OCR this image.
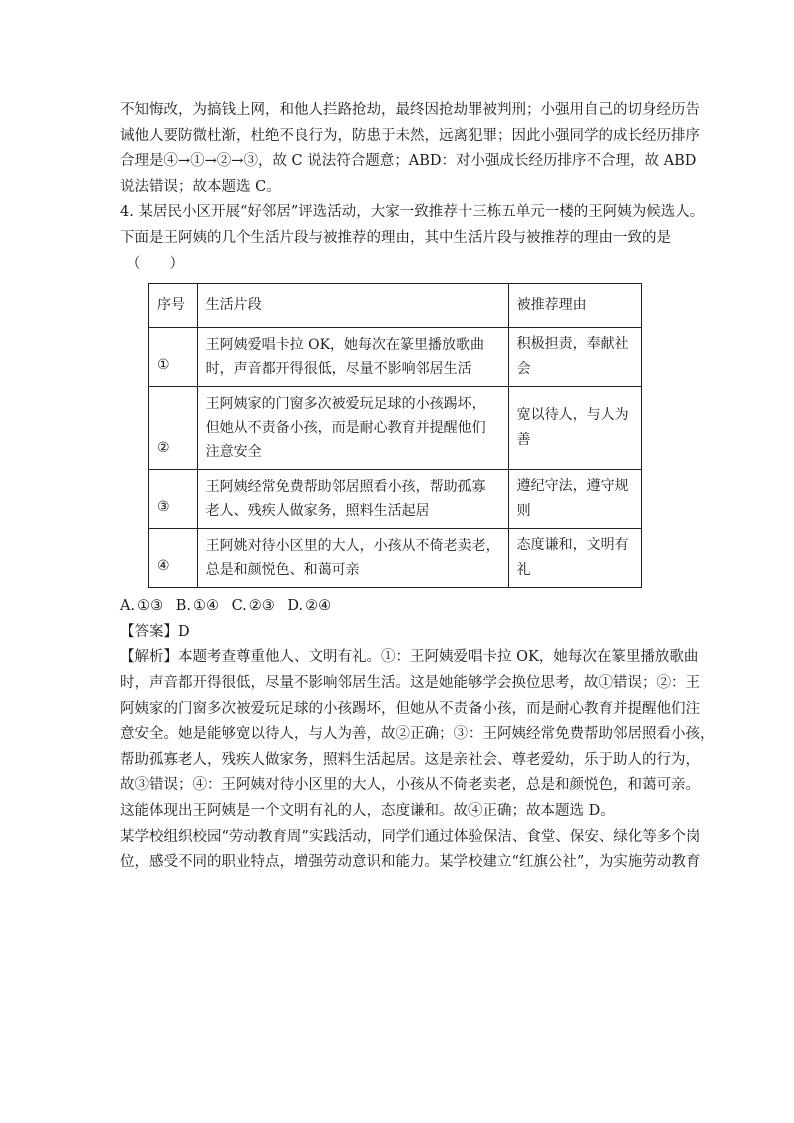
不知悔改，为搞钱上网，和他人拦路抢劫，最终因抢劫罪被判刑；小强用自己的切身经历告
诫他人要防微杜渐，杜绝不良行为，防患于未然，远离犯罪；因此小强同学的成长经历排序
合理是④→①→②→③，故 C 说法符合题意；ABD：对小强成长经历排序不合理，故 ABD
说法错误；故本题选 C。
4. 某居民小区开展“好邻居”评选活动，大家一致推荐十三栋五单元一楼的王阿姨为候选人。
下面是王阿姨的几个生活片段与被推荐的理由，其中生活片段与被推荐的理由一致的是
（　　）
序号	生活片段	被推荐理由
①	王阿姨爱唱卡拉 OK，她每次在篆里播放歌曲
时，声音都开得很低，尽量不影响邻居生活	积极担责，奉献社会
②	王阿姨家的门窗多次被爱玩足球的小孩踢坏，
但她从不责备小孩，而是耐心教育并提醒他们
注意安全	宽以待人，与人为善
③	王阿姨经常免费帮助邻居照看小孩，帮助孤寡
老人、残疾人做家务，照料生活起居	遵纪守法，遵守规则
④	王阿姚对待小区里的大人，小孩从不倚老卖老，
总是和颜悦色、和蔼可亲	态度谦和，文明有礼
A. ①③ B. ①④ C. ②③ D. ②④
【答案】D
【解析】本题考查尊重他人、文明有礼。①：王阿姨爱唱卡拉 OK，她每次在篆里播放歌曲
时，声音都开得很低，尽量不影响邻居生活。这是她能够学会换位思考，故①错误；②：王
阿姨家的门窗多次被爱玩足球的小孩踢坏，但她从不责备小孩，而是耐心教育并提醒他们注
意安全。她是能够宽以待人，与人为善，故②正确；③：王阿姨经常免费帮助邻居照看小孩，
帮助孤寡老人，残疾人做家务，照料生活起居。这是亲社会、尊老爱幼，乐于助人的行为，
故③错误；④：王阿姨对待小区里的大人，小孩从不倚老卖老，总是和颜悦色，和蔼可亲。
这能体现出王阿姨是一个文明有礼的人，态度谦和。故④正确；故本题选 D。
某学校组织校园“劳动教育周”实践活动，同学们通过体验保洁、食堂、保安、绿化等多个岗
位，感受不同的职业特点，增强劳动意识和能力。某学校建立“红旗公社”，为实施劳动教育
